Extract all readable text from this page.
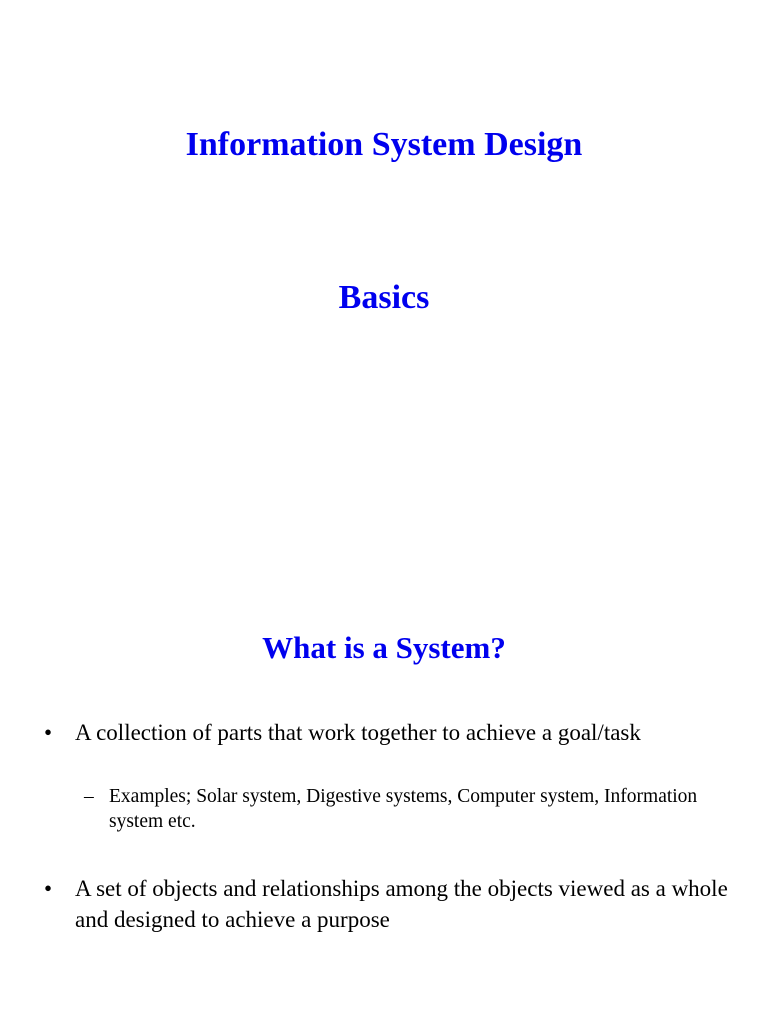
Information System Design
Basics
What is a System?
• A collection of parts that work together to achieve a goal/task
– Examples; Solar system, Digestive systems, Computer system, Information system etc.
• A set of objects and relationships among the objects viewed as a whole and designed to achieve a purpose
